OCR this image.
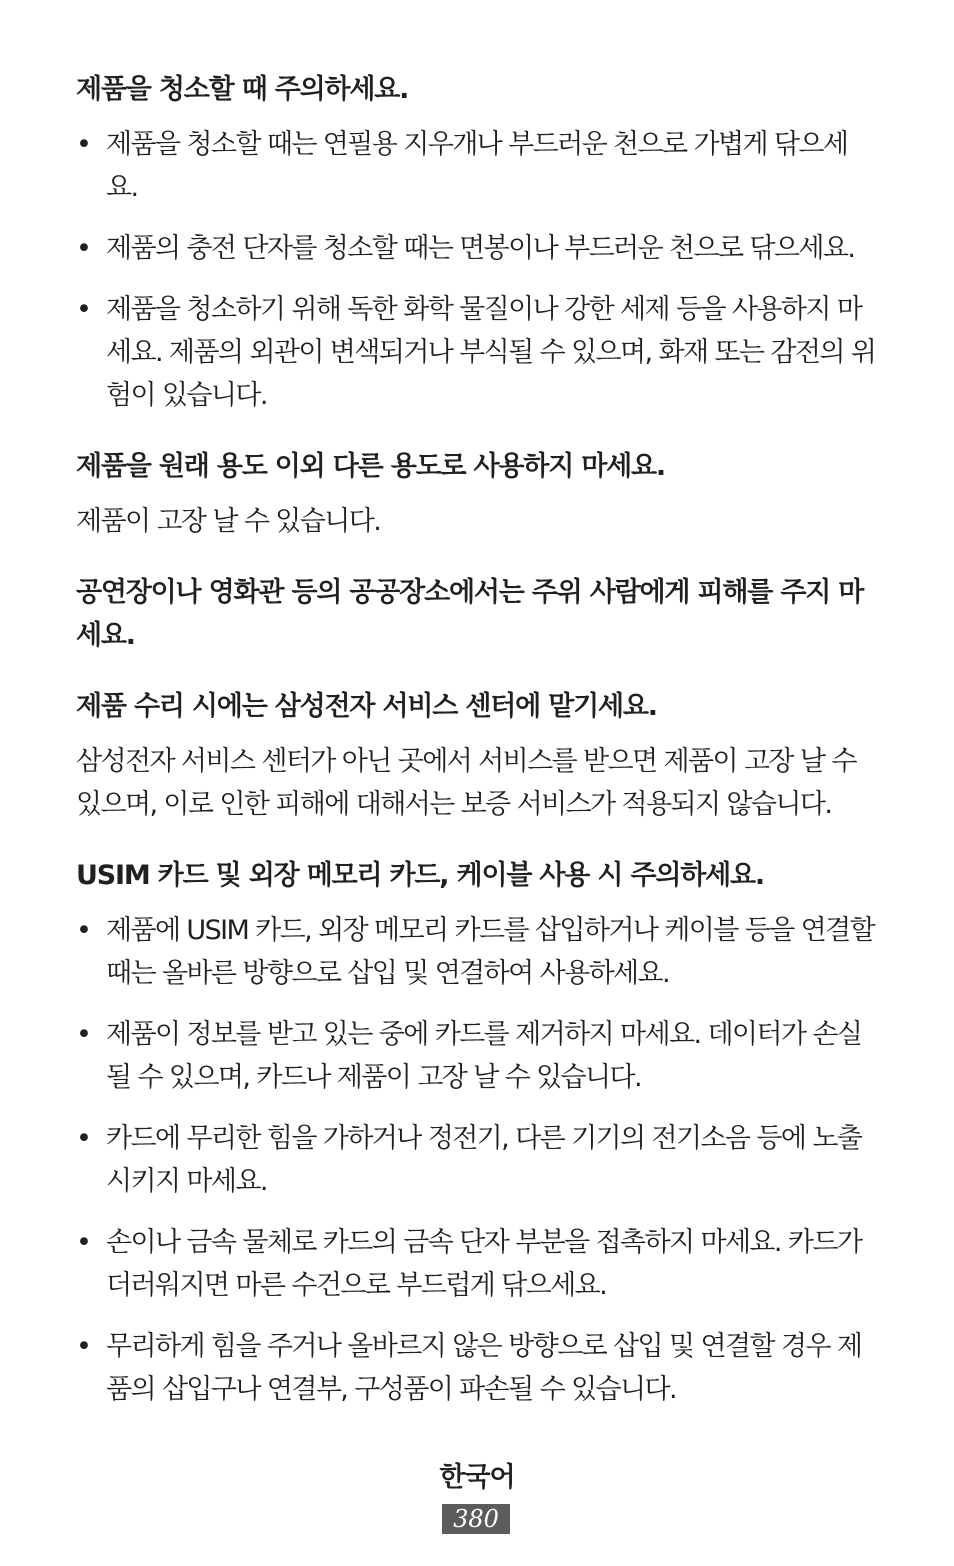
제품을 청소할 때 주의하세요.
• 제품을 청소할 때는 연필용 지우개나 부드러운 천으로 가볍게 닦으세요.
• 제품의 충전 단자를 청소할 때는 면봉이나 부드러운 천으로 닦으세요.
• 제품을 청소하기 위해 독한 화학 물질이나 강한 세제 등을 사용하지 마세요. 제품의 외관이 변색되거나 부식될 수 있으며, 화재 또는 감전의 위험이 있습니다.
제품을 원래 용도 이외 다른 용도로 사용하지 마세요.

제품이 고장 날 수 있습니다.

공연장이나 영화관 등의 공공장소에서는 주위 사람에게 피해를 주지 마세요.
제품 수리 시에는 삼성전자 서비스 센터에 맡기세요.

삼성전자 서비스 센터가 아닌 곳에서 서비스를 받으면 제품이 고장 날 수 있으며, 이로 인한 피해에 대해서는 보증 서비스가 적용되지 않습니다.

USIM 카드 및 외장 메모리 카드, 케이블 사용 시 주의하세요.
• 제품에 USIM 카드, 외장 메모리 카드를 삽입하거나 케이블 등을 연결할 때는 올바른 방향으로 삽입 및 연결하여 사용하세요.
• 제품이 정보를 받고 있는 중에 카드를 제거하지 마세요. 데이터가 손실될 수 있으며, 카드나 제품이 고장 날 수 있습니다.
• 카드에 무리한 힘을 가하거나 정전기, 다른 기기의 전기소음 등에 노출시키지 마세요.
• 손이나 금속 물체로 카드의 금속 단자 부분을 접촉하지 마세요. 카드가 더러워지면 마른 수건으로 부드럽게 닦으세요.
• 무리하게 힘을 주거나 올바르지 않은 방향으로 삽입 및 연결할 경우 제품의 삽입구나 연결부, 구성품이 파손될 수 있습니다.
한국어
380
